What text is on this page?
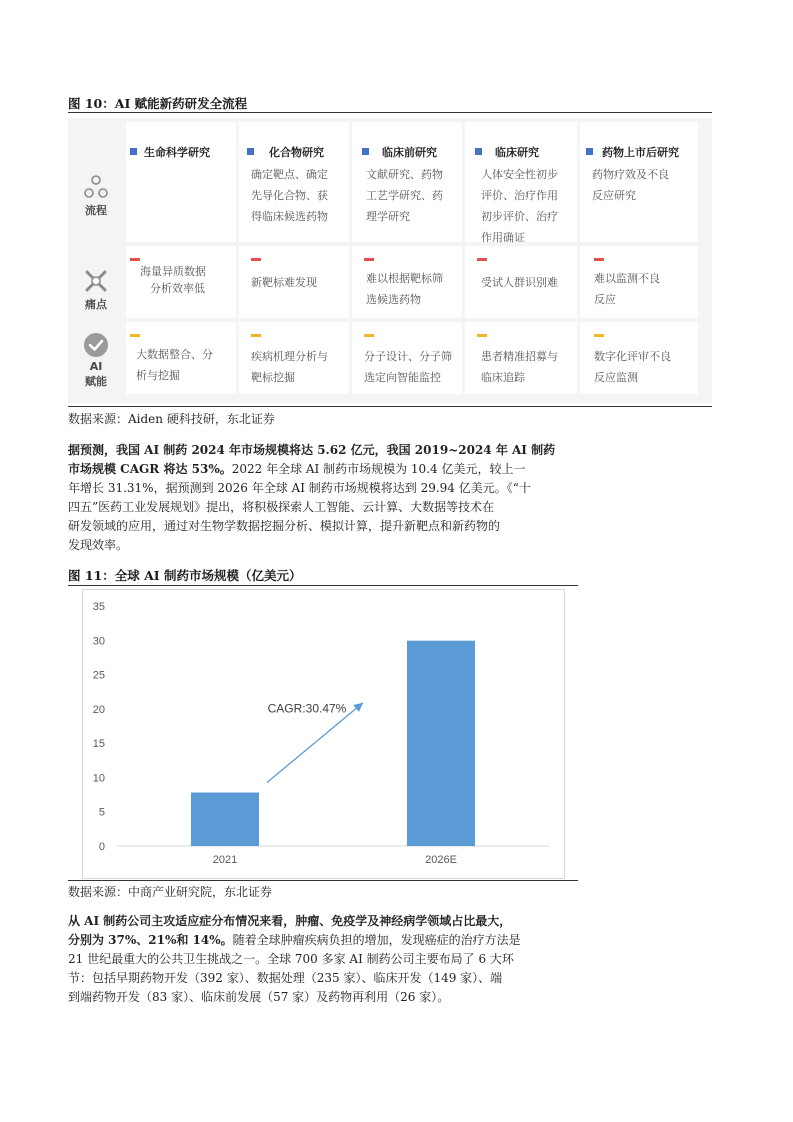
图 10：AI 赋能新药研发全流程
流程
痛点
AI
赋能
生命科学研究
海量异质数据
分析效率低
大数据整合、分
析与挖掘
化合物研究
确定靶点、确定
先导化合物、获
得临床候选药物
新靶标难发现
疾病机理分析与
靶标挖掘
临床前研究
文献研究、药物
工艺学研究、药
理学研究
难以根据靶标筛
选候选药物
分子设计、分子筛
选定向智能监控
临床研究
人体安全性初步
评价、治疗作用
初步评价、治疗
作用确证
受试人群识别难
患者精准招募与
临床追踪
药物上市后研究
药物疗效及不良
反应研究
难以监测不良
反应
数字化评审不良
反应监测
数据来源：Aiden 硬科技研，东北证券
据预测，我国 AI 制药 2024 年市场规模将达 5.62 亿元，我国 2019~2024 年 AI 制药
市场规模 CAGR 将达 53%。2022 年全球 AI 制药市场规模为 10.4 亿美元，较上一
年增长 31.31%，据预测到 2026 年全球 AI 制药市场规模将达到 29.94 亿美元。《“十
四五”医药工业发展规划》提出，将积极探索人工智能、云计算、大数据等技术在
研发领域的应用，通过对生物学数据挖掘分析、模拟计算，提升新靶点和新药物的
发现效率。
图 11：全球 AI 制药市场规模（亿美元）
0
5
10
15
20
25
30
35
2021	2026E
CAGR:30.47%
数据来源：中商产业研究院，东北证券
从 AI 制药公司主攻适应症分布情况来看，肿瘤、免疫学及神经病学领域占比最大，
分别为 37%、21%和 14%。随着全球肿瘤疾病负担的增加，发现癌症的治疗方法是
21 世纪最重大的公共卫生挑战之一。全球 700 多家 AI 制药公司主要布局了 6 大环
节：包括早期药物开发（392 家）、数据处理（235 家）、临床开发（149 家）、端
到端药物开发（83 家）、临床前发展（57 家）及药物再利用（26 家）。
